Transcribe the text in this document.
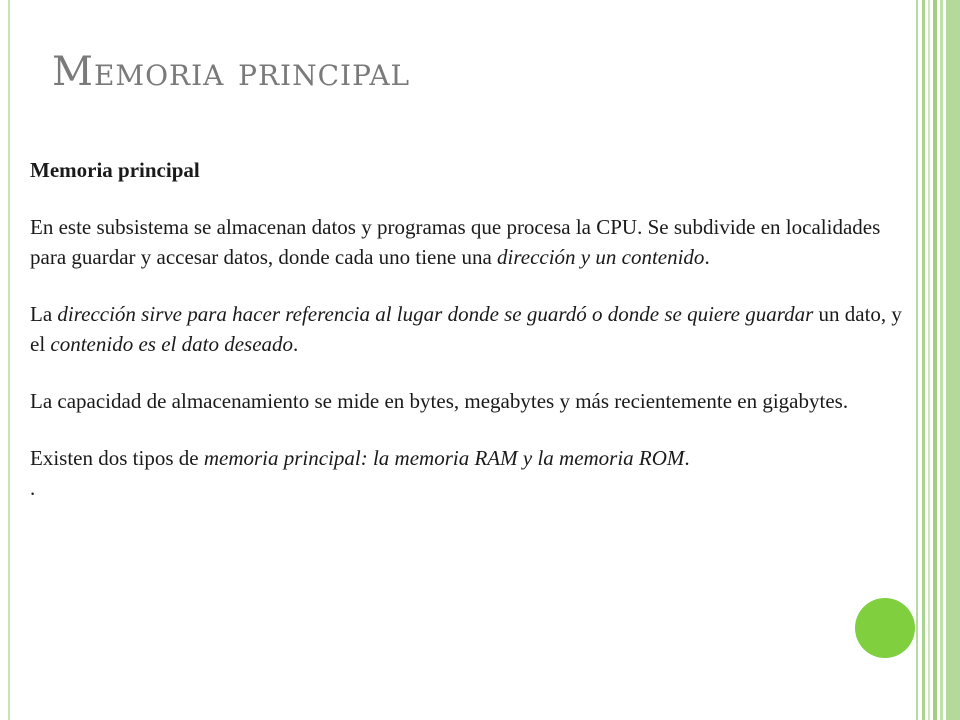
Memoria principal

Memoria principal

En este subsistema se almacenan datos y programas que procesa la CPU. Se subdivide en localidades para guardar y accesar datos, donde cada uno tiene una dirección y un contenido.

La dirección sirve para hacer referencia al lugar donde se guardó o donde se quiere guardar un dato, y el contenido es el dato deseado.

La capacidad de almacenamiento se mide en bytes, megabytes y más recientemente en gigabytes.

Existen dos tipos de memoria principal: la memoria RAM y la memoria ROM.

.
